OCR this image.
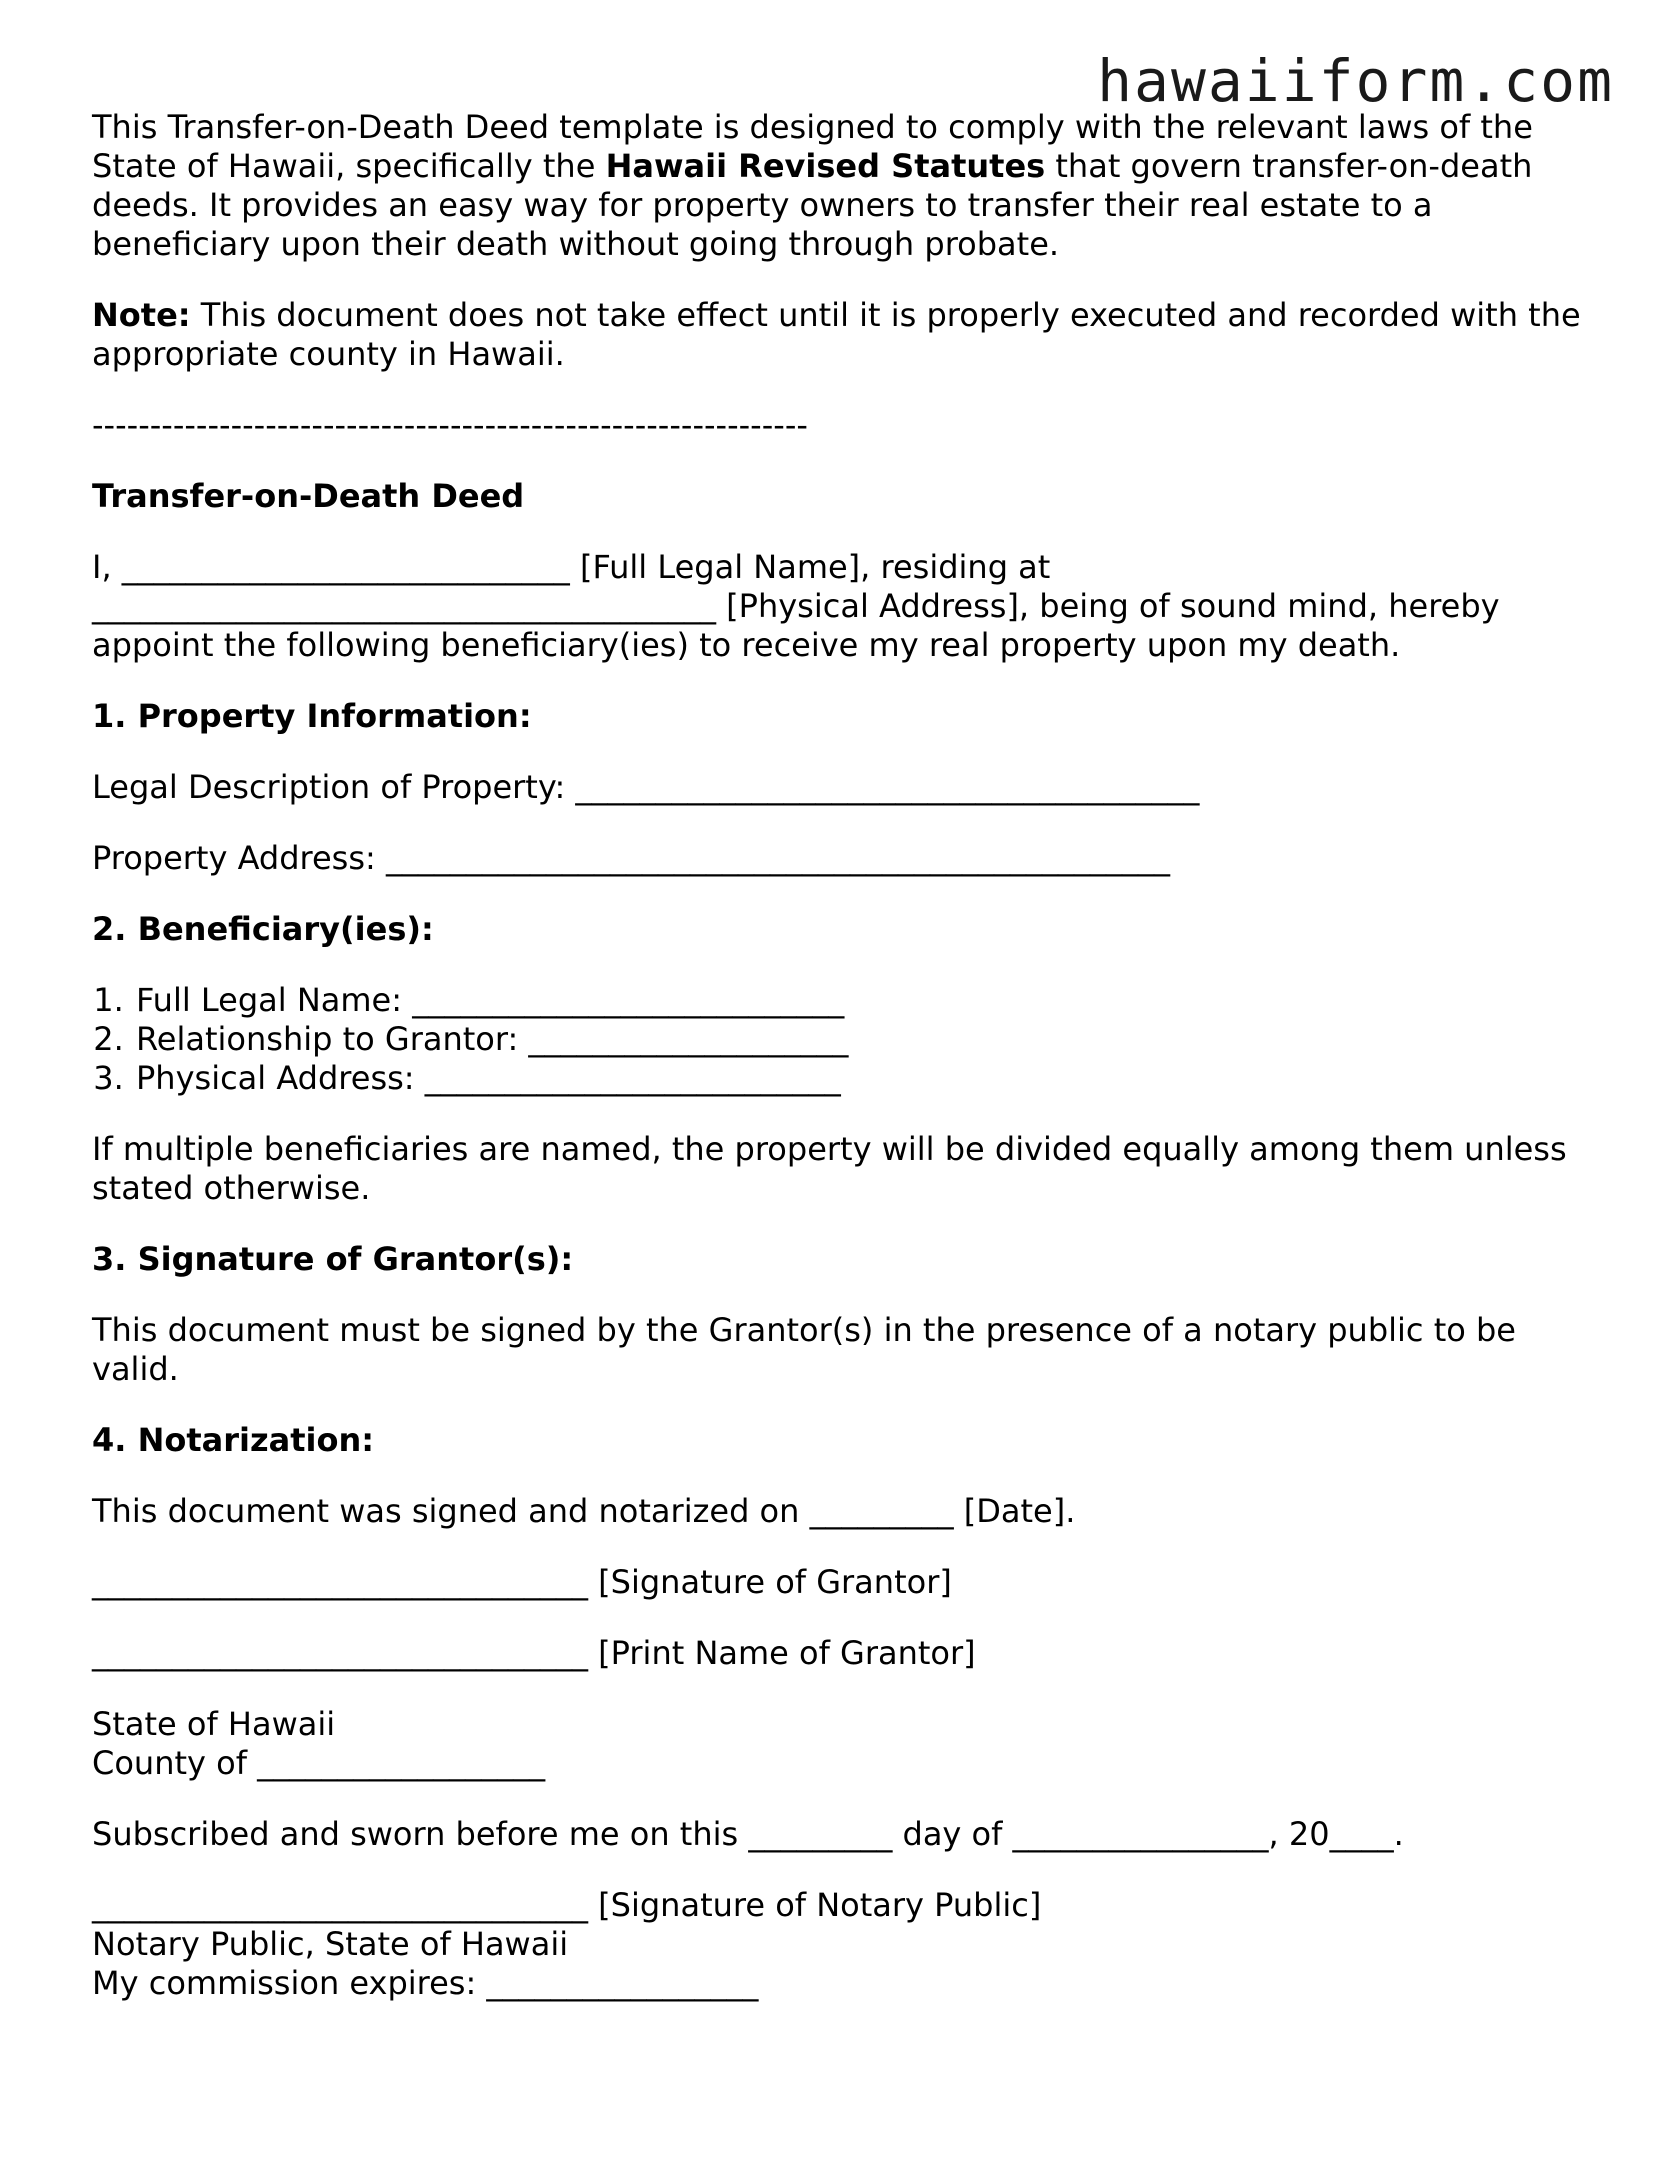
hawaiiform.com

This Transfer-on-Death Deed template is designed to comply with the relevant laws of the State of Hawaii, specifically the Hawaii Revised Statutes that govern transfer-on-death deeds. It provides an easy way for property owners to transfer their real estate to a beneficiary upon their death without going through probate.

Note: This document does not take effect until it is properly executed and recorded with the appropriate county in Hawaii.

--------------------------------------------------------------

Transfer-on-Death Deed

I, ____________________________ [Full Legal Name], residing at

_______________________________________ [Physical Address], being of sound mind, hereby

appoint the following beneficiary(ies) to receive my real property upon my death.

1. Property Information:

Legal Description of Property: _______________________________________

Property Address: _________________________________________________

2. Beneficiary(ies):

1. Full Legal Name: ___________________________
2. Relationship to Grantor: ____________________
3. Physical Address: __________________________

If multiple beneficiaries are named, the property will be divided equally among them unless stated otherwise.

3. Signature of Grantor(s):

This document must be signed by the Grantor(s) in the presence of a notary public to be valid.

4. Notarization:

This document was signed and notarized on _________ [Date].

_______________________________ [Signature of Grantor]

_______________________________ [Print Name of Grantor]

State of Hawaii

County of __________________

Subscribed and sworn before me on this _________ day of ________________, 20____.

_______________________________ [Signature of Notary Public]

Notary Public, State of Hawaii

My commission expires: _________________
